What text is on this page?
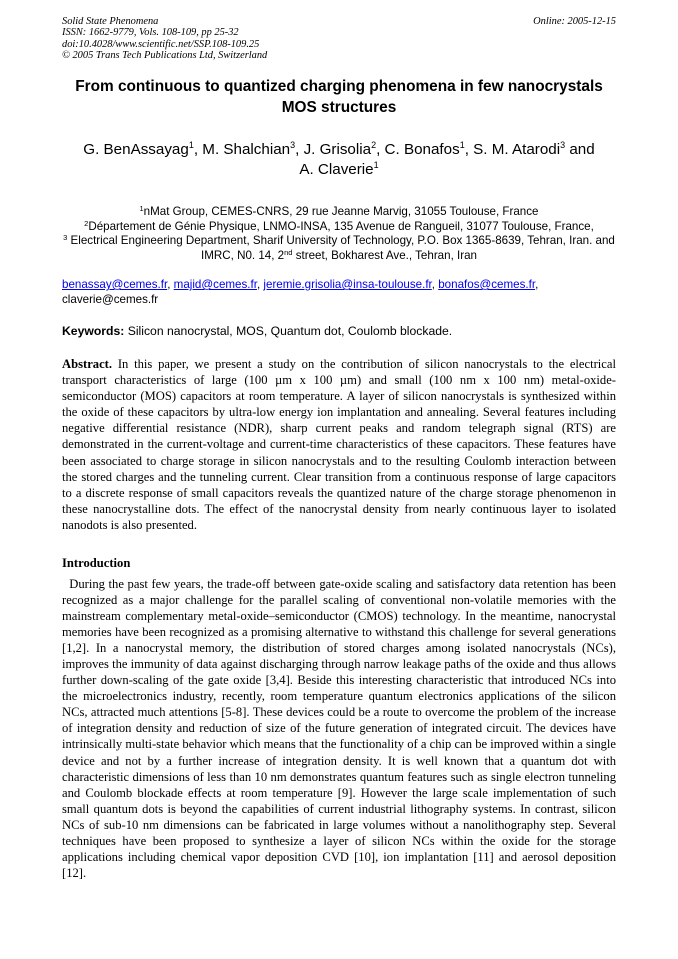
Solid State Phenomena
ISSN: 1662-9779, Vols. 108-109, pp 25-32
doi:10.4028/www.scientific.net/SSP.108-109.25
© 2005 Trans Tech Publications Ltd, Switzerland
Online: 2005-12-15
From continuous to quantized charging phenomena in few nanocrystals MOS structures
G. BenAssayag$^1$, M. Shalchian$^3$, J. Grisolia$^2$, C. Bonafos$^1$, S. M. Atarodi$^3$ and
A. Claverie$^1$
$^1$nMat Group, CEMES-CNRS, 29 rue Jeanne Marvig, 31055 Toulouse, France
$^2$Département de Génie Physique, LNMO-INSA, 135 Avenue de Rangueil, 31077 Toulouse, France,
$^3$ Electrical Engineering Department, Sharif University of Technology, P.O. Box 1365-8639, Tehran, Iran. and IMRC, N0. 14, 2nd street, Bokharest Ave., Tehran, Iran
benassay@cemes.fr, majid@cemes.fr, jeremie.grisolia@insa-toulouse.fr, bonafos@cemes.fr,
claverie@cemes.fr
Keywords: Silicon nanocrystal, MOS, Quantum dot, Coulomb blockade.
Abstract. In this paper, we present a study on the contribution of silicon nanocrystals to the electrical transport characteristics of large (100 µm x 100 µm) and small (100 nm x 100 nm) metal-oxide-semiconductor (MOS) capacitors at room temperature. A layer of silicon nanocrystals is synthesized within the oxide of these capacitors by ultra-low energy ion implantation and annealing. Several features including negative differential resistance (NDR), sharp current peaks and random telegraph signal (RTS) are demonstrated in the current-voltage and current-time characteristics of these capacitors. These features have been associated to charge storage in silicon nanocrystals and to the resulting Coulomb interaction between the stored charges and the tunneling current. Clear transition from a continuous response of large capacitors to a discrete response of small capacitors reveals the quantized nature of the charge storage phenomenon in these nanocrystalline dots. The effect of the nanocrystal density from nearly continuous layer to isolated nanodots is also presented.
Introduction
During the past few years, the trade-off between gate-oxide scaling and satisfactory data retention has been recognized as a major challenge for the parallel scaling of conventional non-volatile memories with the mainstream complementary metal-oxide–semiconductor (CMOS) technology. In the meantime, nanocrystal memories have been recognized as a promising alternative to withstand this challenge for several generations [1,2]. In a nanocrystal memory, the distribution of stored charges among isolated nanocrystals (NCs), improves the immunity of data against discharging through narrow leakage paths of the oxide and thus allows further down-scaling of the gate oxide [3,4]. Beside this interesting characteristic that introduced NCs into the microelectronics industry, recently, room temperature quantum electronics applications of the silicon NCs, attracted much attentions [5-8]. These devices could be a route to overcome the problem of the increase of integration density and reduction of size of the future generation of integrated circuit. The devices have intrinsically multi-state behavior which means that the functionality of a chip can be improved within a single device and not by a further increase of integration density. It is well known that a quantum dot with characteristic dimensions of less than 10 nm demonstrates quantum features such as single electron tunneling and Coulomb blockade effects at room temperature [9]. However the large scale implementation of such small quantum dots is beyond the capabilities of current industrial lithography systems. In contrast, silicon NCs of sub-10 nm dimensions can be fabricated in large volumes without a nanolithography step. Several techniques have been proposed to synthesize a layer of silicon NCs within the oxide for the storage applications including chemical vapor deposition CVD [10], ion implantation [11] and aerosol deposition [12].
